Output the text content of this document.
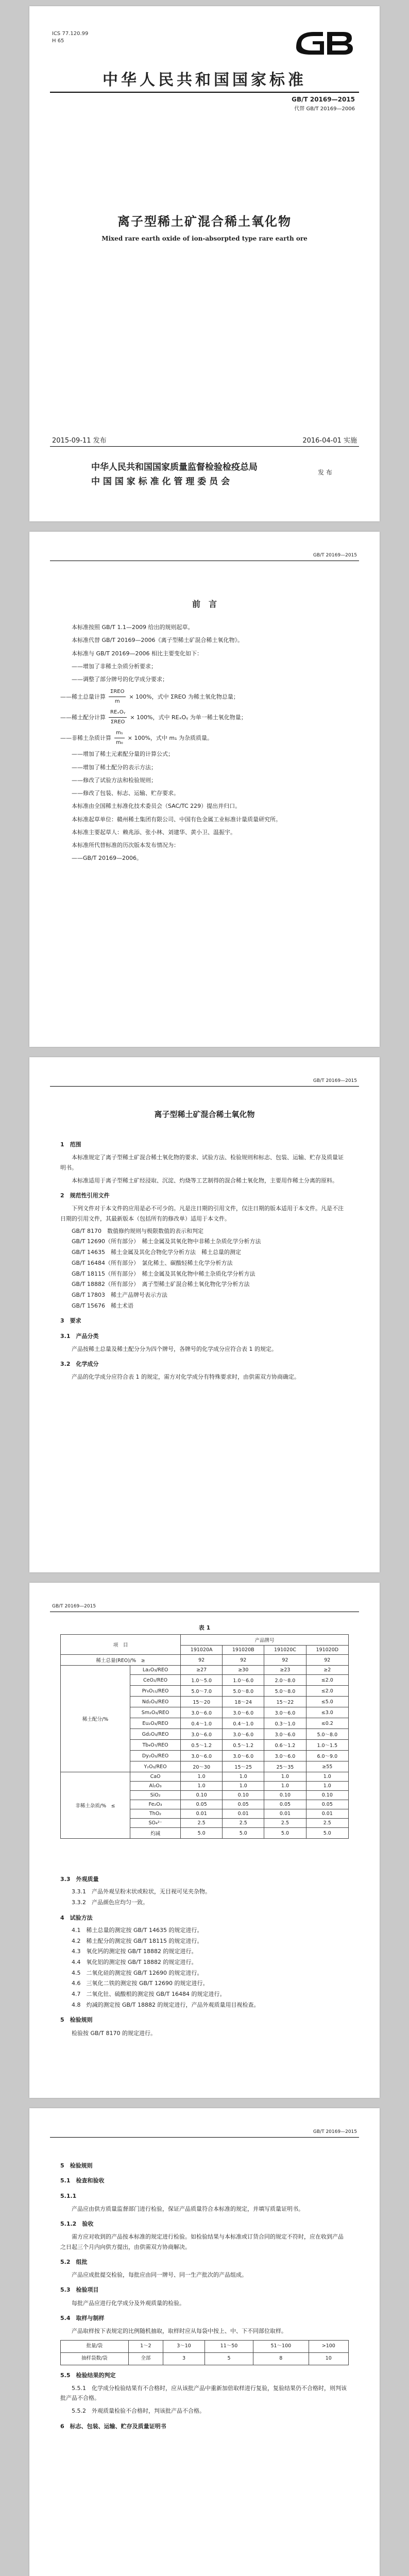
ICS 77.120.99
H 65
中华人民共和国国家标准
GB/T 20169—2015
代替 GB/T 20169—2006
离子型稀土矿混合稀土氧化物
Mixed rare earth oxide of ion-absorpted type rare earth ore
2015-09-11 发布	2016-04-01 实施
中华人民共和国国家质量监督检验检疫总局
中 国 国 家 标 准 化 管 理 委 员 会
发 布
GB/T 20169—2015
前　言

本标准按照 GB/T 1.1—2009 给出的规则起草。

本标准代替 GB/T 20169—2006《离子型稀土矿混合稀土氧化物》。

本标准与 GB/T 20169—2006 相比主要变化如下：

——增加了非稀土杂质分析要求；

——调整了部分牌号的化学成分要求；

——稀土总量计算 $\frac{\text{ΣREO}}{m} \times 100\%$，式中 ΣREO 为稀土氧化物总量；
——稀土配分计算 $\frac{\text{REₓOᵧ}}{\text{ΣREO}} \times 100\%$，式中 REₓOᵧ 为单一稀土氧化物量；
——非稀土杂质计算 $\frac{\text{m₁}}{\text{m₀}} \times 100\%$，式中 m₁ 为杂质质量。

——增加了稀土元素配分量的计算公式；

——增加了稀土配分的表示方法；

——修改了试验方法和检验规则；

——修改了包装、标志、运输、贮存要求。

本标准由全国稀土标准化技术委员会（SAC/TC 229）提出并归口。

本标准起草单位：赣州稀土集团有限公司、中国有色金属工业标准计量质量研究所。

本标准主要起草人：赖兆添、张小林、刘建华、黄小卫、温振宇。

本标准所代替标准的历次版本发布情况为：

——GB/T 20169—2006。

GB/T 20169—2015
离子型稀土矿混合稀土氧化物
1　范围

本标准规定了离子型稀土矿混合稀土氧化物的要求、试验方法、检验规则和标志、包装、运输、贮存及质量证明书。

本标准适用于离子型稀土矿经浸取、沉淀、灼烧等工艺制得的混合稀土氧化物，主要用作稀土分离的原料。

2　规范性引用文件

下列文件对于本文件的应用是必不可少的。凡是注日期的引用文件，仅注日期的版本适用于本文件。凡是不注日期的引用文件，其最新版本（包括所有的修改单）适用于本文件。

GB/T 8170　数值修约规则与极限数值的表示和判定
GB/T 12690（所有部分）　稀土金属及其氧化物中非稀土杂质化学分析方法
GB/T 14635　稀土金属及其化合物化学分析方法　稀土总量的测定
GB/T 16484（所有部分）　氯化稀土、碳酸轻稀土化学分析方法
GB/T 18115（所有部分）　稀土金属及其氧化物中稀土杂质化学分析方法
GB/T 18882（所有部分）　离子型稀土矿混合稀土氧化物化学分析方法
GB/T 17803　稀土产品牌号表示方法
GB/T 15676　稀土术语
3　要求
3.1　产品分类

产品按稀土总量及稀土配分分为四个牌号，各牌号的化学成分应符合表 1 的规定。

3.2　化学成分

产品的化学成分应符合表 1 的规定，需方对化学成分有特殊要求时，由供需双方协商确定。

GB/T 20169—2015
表 1
项　目		产品牌号			
		191020A	191020B	191020C	191020D
稀土总量(REO)/%　≥		92	92	92	92
稀土配分/%	La₂O₃/REO	≥27	≥30	≥23	≥2
	CeO₂/REO	1.0～5.0	1.0～6.0	2.0～8.0	≤2.0
	Pr₆O₁₁/REO	5.0～7.0	5.0～8.0	5.0～8.0	≤2.0
	Nd₂O₃/REO	15～20	18～24	15～22	≤5.0
	Sm₂O₃/REO	3.0～6.0	3.0～6.0	3.0～6.0	≤3.0
	Eu₂O₃/REO	0.4～1.0	0.4～1.0	0.3～1.0	≤0.2
	Gd₂O₃/REO	3.0～6.0	3.0～6.0	3.0～6.0	5.0～8.0
	Tb₄O₇/REO	0.5～1.2	0.5～1.2	0.6～1.2	1.0～1.5
	Dy₂O₃/REO	3.0～6.0	3.0～6.0	3.0～6.0	6.0～9.0
	Y₂O₃/REO	20～30	15～25	25～35	≥55
非稀土杂质/%　≤	CaO	1.0	1.0	1.0	1.0
	Al₂O₃	1.0	1.0	1.0	1.0
	SiO₂	0.10	0.10	0.10	0.10
	Fe₂O₃	0.05	0.05	0.05	0.05
	ThO₂	0.01	0.01	0.01	0.01
	SO₄²⁻	2.5	2.5	2.5	2.5
	灼减	5.0	5.0	5.0	5.0
3.3　外观质量
3.3.1　产品外观呈粉末状或粒状，无目视可见夹杂物。
3.3.2　产品颜色应均匀一致。
4　试验方法
4.1　稀土总量的测定按 GB/T 14635 的规定进行。
4.2　稀土配分的测定按 GB/T 18115 的规定进行。
4.3　氧化钙的测定按 GB/T 18882 的规定进行。
4.4　氧化铝的测定按 GB/T 18882 的规定进行。
4.5　二氧化硅的测定按 GB/T 12690 的规定进行。
4.6　三氧化二铁的测定按 GB/T 12690 的规定进行。
4.7　二氧化钍、硫酸根的测定按 GB/T 16484 的规定进行。
4.8　灼减的测定按 GB/T 18882 的规定进行，产品外观质量用目视检查。
5　检验规则

检验按 GB/T 8170 的规定进行。

GB/T 20169—2015
5　检验规则
5.1　检查和验收
5.1.1

产品应由供方质量监督部门进行检验，保证产品质量符合本标准的规定，并填写质量证明书。

5.1.2　验收

需方应对收到的产品按本标准的规定进行检验。如检验结果与本标准或订货合同的规定不符时，应在收到产品之日起三个月内向供方提出，由供需双方协商解决。

5.2　组批

产品应成批提交检验，每批应由同一牌号、同一生产批次的产品组成。

5.3　检验项目

每批产品应进行化学成分及外观质量的检验。

5.4　取样与制样

产品取样按下表规定的比例随机抽取，取样时应从每袋中按上、中、下不同部位取样。

批量/袋	1～2	3～10	11～50	51～100	>100
抽样袋数/袋	全部	3	5	8	10
5.5　检验结果的判定

5.5.1　化学成分检验结果有不合格时，应从该批产品中重新加倍取样进行复验，复验结果仍不合格时，则判该批产品不合格。

5.5.2　外观质量检验不合格时，判该批产品不合格。

6　标志、包装、运输、贮存及质量证明书
